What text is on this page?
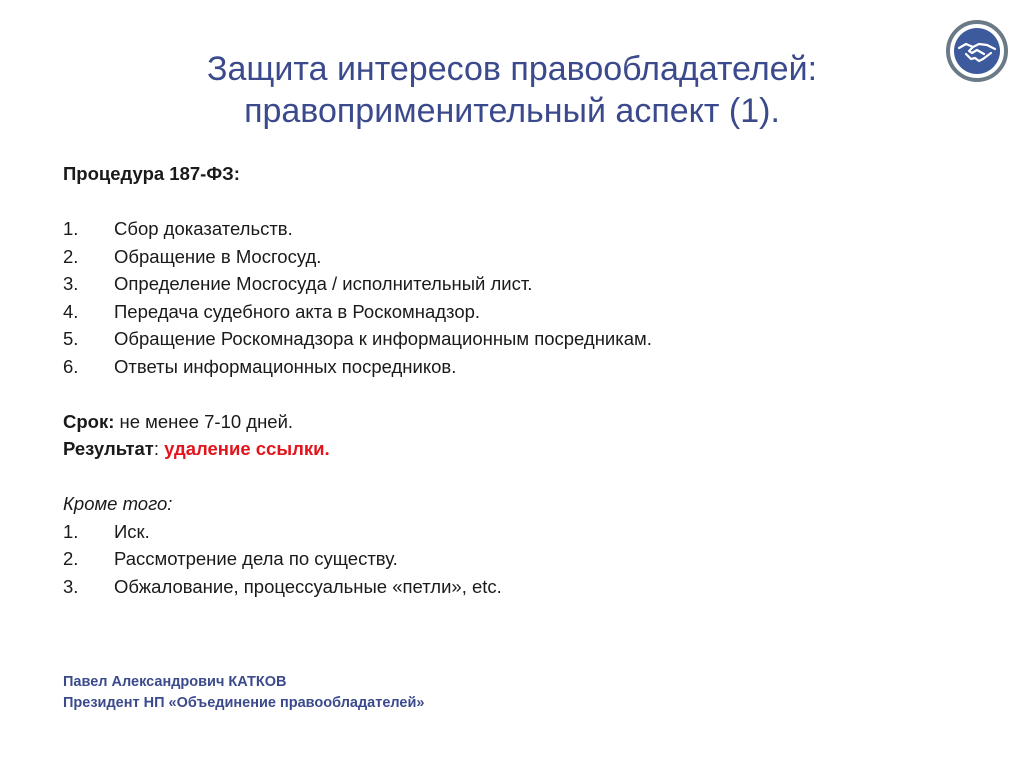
Защита интересов правообладателей:
правоприменительный аспект (1).

Процедура 187-ФЗ:

1. Сбор доказательств.
2. Обращение в Мосгосуд.
3. Определение Мосгосуда / исполнительный лист.
4. Передача судебного акта в Роскомнадзор.
5. Обращение Роскомнадзора к информационным посредникам.
6. Ответы информационных посредников.

Срок: не менее 7-10 дней.

Результат: удаление ссылки.

Кроме того:

1. Иск.
2. Рассмотрение дела по существу.
3. Обжалование, процессуальные «петли», etc.
Павел Александрович КАТКОВ
Президент НП «Объединение правообладателей»
